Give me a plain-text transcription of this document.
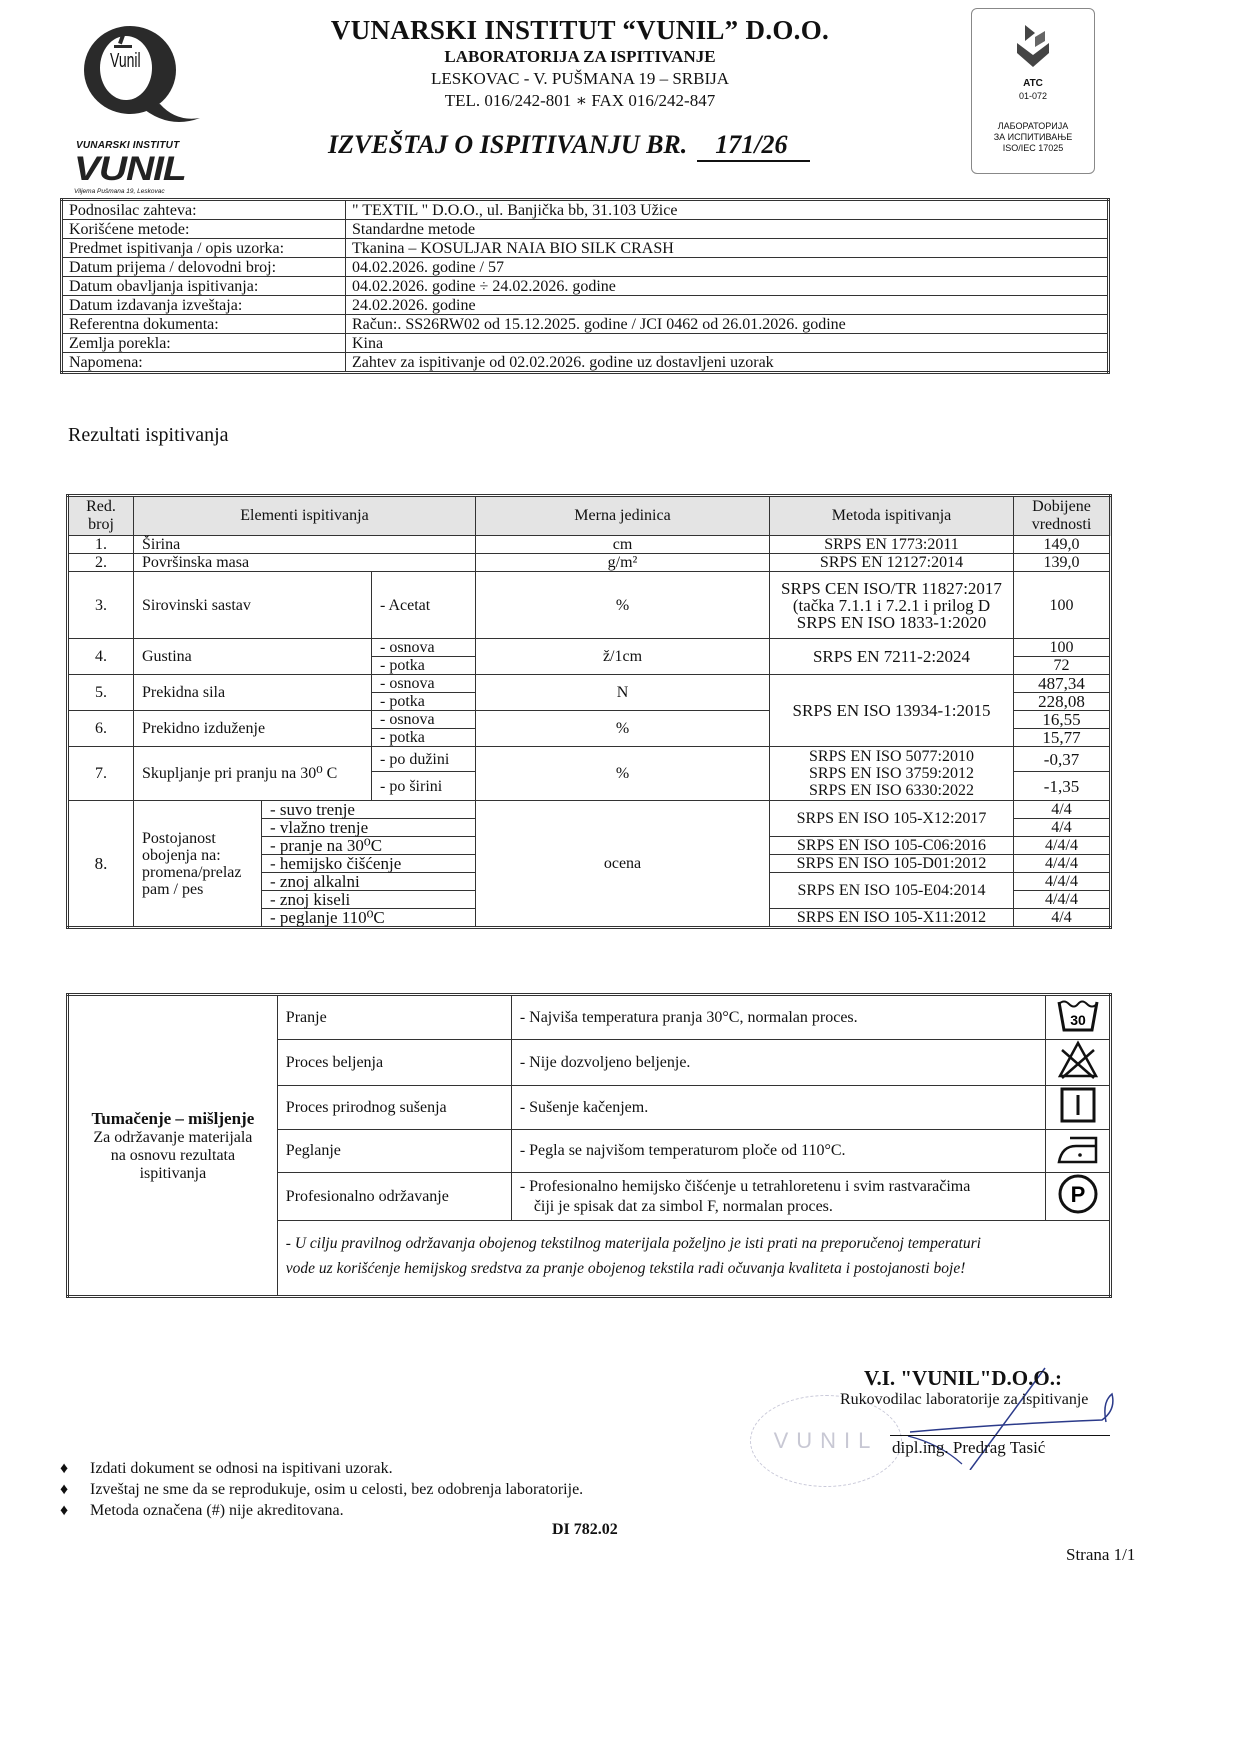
Vunil
VUNARSKI INSTITUT
VUNIL
Viljema Pušmana 19, Leskovac
VUNARSKI INSTITUT “VUNIL” D.O.O.
LABORATORIJA ZA ISPITIVANJE
LESKOVAC - V. PUŠMANA 19 – SRBIJA
TEL. 016/242-801 ∗ FAX 016/242-847
IZVEŠTAJ O ISPITIVANJU BR. 171/26
ATC
01-072
ЛАБОРАТОРИЈА
ЗА ИСПИТИВАЊЕ
ISO/IEC 17025
Podnosilac zahteva:	" TEXTIL " D.O.O., ul. Banjička bb, 31.103 Užice
Korišćene metode:	Standardne metode
Predmet ispitivanja / opis uzorka:	Tkanina – KOSULJAR NAIA BIO SILK CRASH
Datum prijema / delovodni broj:	04.02.2026. godine / 57
Datum obavljanja ispitivanja:	04.02.2026. godine ÷ 24.02.2026. godine
Datum izdavanja izveštaja:	24.02.2026. godine
Referentna dokumenta:	Račun:. SS26RW02 od 15.12.2025. godine / JCI 0462 od 26.01.2026. godine
Zemlja porekla:	Kina
Napomena:	Zahtev za ispitivanje od 02.02.2026. godine uz dostavljeni uzorak
Rezultati ispitivanja
Red. broj	Elementi ispitivanja			Merna jedinica	Metoda ispitivanja	Dobijene vrednosti
1.	Širina			cm	SRPS EN 1773:2011	149,0
2.	Površinska masa			g/m²	SRPS EN 12127:2014	139,0
3.	Sirovinski sastav		- Acetat	%	SRPS CEN ISO/TR 11827:2017
(tačka 7.1.1 i 7.2.1 i prilog D
SRPS EN ISO 1833-1:2020	100
4.	Gustina		- osnova	ž/1cm	SRPS EN 7211-2:2024	100
			- potka			72
5.	Prekidna sila		- osnova	N	SRPS EN ISO 13934-1:2015	487,34
			- potka			228,08
6.	Prekidno izduženje		- osnova	%		16,55
			- potka			15,77
7.	Skupljanje pri pranju na 30⁰ C		- po dužini	%	SRPS EN ISO 5077:2010
SRPS EN ISO 3759:2012
SRPS EN ISO 6330:2022	-0,37
			- po širini			-1,35
8.	Postojanost
obojenja na:
promena/prelaz
pam / pes	- suvo trenje		ocena	SRPS EN ISO 105-X12:2017	4/4
		- vlažno trenje				4/4
		- pranje na 30⁰C			SRPS EN ISO 105-C06:2016	4/4/4
		- hemijsko čišćenje			SRPS EN ISO 105-D01:2012	4/4/4
		- znoj alkalni			SRPS EN ISO 105-E04:2014	4/4/4
		- znoj kiseli				4/4/4
		- peglanje 110⁰C			SRPS EN ISO 105-X11:2012	4/4
Tumačenje – mišljenje
Za održavanje materijala
na osnovu rezultata
ispitivanja	Pranje	- Najviša temperatura pranja 30°C, normalan proces.	30

	Proces beljenja	- Nije dozvoljeno beljenje.	
	Proces prirodnog sušenja	- Sušenje kačenjem.	
	Peglanje	- Pegla se najvišom temperaturom ploče od 110°C.	
	Profesionalno održavanje	- Profesionalno hemijsko čišćenje u tetrahloretenu i svim rastvaračima
čiji je spisak dat za simbol F, normalan proces.	P

	- U cilju pravilnog održavanja obojenog tekstilnog materijala poželjno je isti prati na preporučenoj temperaturi
vode uz korišćenje hemijskog sredstva za pranje obojenog tekstila radi očuvanja kvaliteta i postojanosti boje!		
VUNIL
V.I. "VUNIL"D.O.O.:
Rukovodilac laboratorije za ispitivanje
dipl.ing. Predrag Tasić
♦ Izdati dokument se odnosi na ispitivani uzorak.
♦ Izveštaj ne sme da se reprodukuje, osim u celosti, bez odobrenja laboratorije.
♦ Metoda označena (#) nije akreditovana.
DI 782.02
Strana 1/1
